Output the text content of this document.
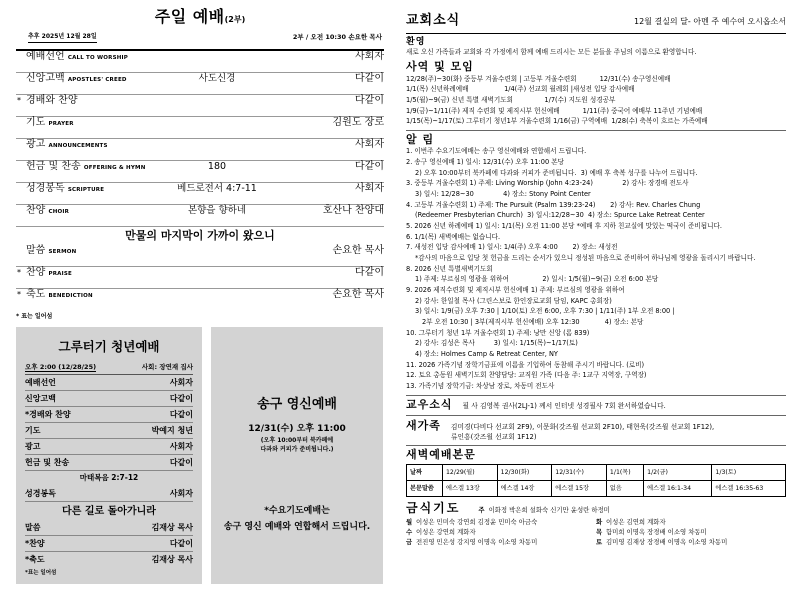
주일 예배(2부)
추후 2025년 12월 28일	2부 / 오전 10:30 손요한 목사
예배선언 CALL TO WORSHIP	사회자
신앙고백 APOSTLES' CREED	사도신경	다같이
* 경배와 찬양	다같이
기도 PRAYER	김원도 장로
광고 ANNOUNCEMENTS	사회자
헌금 및 찬송 OFFERING & HYMN	180	다같이
성경봉독 SCRIPTURE	베드로전서 4:7-11	사회자
찬양 CHOIR	본향을 향하네	호산나 찬양대
만물의 마지막이 가까이 왔으니
말씀 SERMON	손요한 목사
* 찬양 PRAISE	다같이
* 축도 BENEDICTION	손요한 목사
* 표는 일어섬
그루터기 청년예배
오후 2:00 (12/28/25)	사회: 장연재 집사
예배선언	사회자
신앙고백	다같이
*경배와 찬양	다같이
기도	박예지 청년
광고	사회자
헌금 및 찬송	다같이
마태복음 2:7-12
성경봉독	사회자
다른 길로 돌아가니라
말씀	김재상 목사
*찬양	다같이
*축도	김재상 목사
*표는 일어섬
송구 영신예배
12/31(수) 오후 11:00
(오후 10:00부터 북카페에
다과와 커피가 준비됩니다.)
*수요기도예배는
송구 영신 예배와 연합해서 드립니다.
교회소식	12월 결실의 달- 아멘 주 예수여 오시옵소서
환영
새로 오신 가족들과 교회와 각 가정에서 함께 예배 드리시는 모든 분들을 주님의 이름으로 환영합니다.
사역 및 모임
12/28(주)~30(화) 중등부 겨울수련회 | 고등부 겨울수련회           12/31(수) 송구영신예배
1/1(목) 신년하례예배                 1/4(주) 선교회 월례회 |새성전 입당 감사예배
1/5(월)~9(금) 신년 특별 새벽기도회               1/7(수) 지도원 성경공부
1/9(금)~1/11(주) 제직 수련회 및 제직시부 헌신예배           1/11(주) 중국어 예배부 11주년 기념예배
1/15(목)~1/17(토) 그루터기 청년1부 겨울수련회 1/16(금) 구역예배  1/28(수) 축복이 흐르는 가족예배
알 림
1. 이번주 수요기도예배는 송구 영신예배와 연합해서 드립니다.
2. 송구 영신예배 1) 일시: 12/31(수) 오후 11:00 본당
2) 오후 10:00부터 북카페에 다과와 커피가 준비됩니다.  3) 예배 후 축복 성구를 나누어 드립니다.
3. 중등부 겨울수련회 1) 주제: Living Worship (John 4:23-24)              2) 강사: 장경배 전도사
3) 일시: 12/28~30              4) 장소: Stony Point Center
4. 고등부 겨울수련회 1) 주제: The Pursuit (Psalm 139:23-24)       2) 강사: Rev. Charles Chung
(Redeemer Presbyterian Church)  3) 일시:12/28~30  4) 장소: Spurce Lake Retreat Center
5. 2026 신년 하례예배 1) 일시: 1/1(목) 오전 11:00 본당 *예배 후 지하 친교실에 맛있는 떡국이 준비됩니다.
6. 1/1(목) 새벽예배는 없습니다.
7. 새성전 입당 감사예배 1) 일시: 1/4(주) 오후 4:00       2) 장소: 새성전
*감사의 마음으로 입당 첫 헌금을 드리는 순서가 있으니 정성된 마음으로 준비하여 하나님께 영광을 돌리시기 바랍니다.
8. 2026 신년 특별새벽기도회
1) 주제: 부르심의 영광을 위하여                2) 일시: 1/5(월)~9(금) 오전 6:00 본당
9. 2026 제직수련회 및 제직시부 헌신예배 1) 주제: 부르심의 영광을 위하여
2) 강사: 한일철 목사 (그린스보로 한인장로교회 담임, KAPC 총회장)
3) 일시: 1/9(금) 오후 7:30 | 1/10(토) 오전 6:00, 오후 7:30 | 1/11(주) 1부 오전 8:00 |
2부 오전 10:30 | 3부(제직시부 헌신예배) 오후 12:30            4) 장소: 본당
10. 그루터기 청년 1부 겨울수련회 1) 주제: 낭만 신앙 (롬 839)
2) 강사: 김성은 목사         3) 일시: 1/15(목)~1/17(토)
4) 장소: Holmes Camp & Retreat Center, NY
11. 2026 가족기념 장학기금표에 이름을 기입하여 동참해 주시기 바랍니다. (로비)
12. 토요 총동원 새벽기도회 찬양담당: 교직원 가족 (다음 주: 1교구 지역장, 구역장)
13. 가족기념 장학기금: 차상남 장로, 차동미 전도사
교우소식 필 사 김영복 권사(2LJ-1) 께서 인터넷 성경필사 7회 완서하였습니다.
새가족 김미경(다비다 선교회 2F9), 이문화(갓즈윌 선교회 2F10), 태현욱(갓즈윌 선교회 1F12),
류인흥(갓즈윌 선교회 1F12)
새벽예배본문
날짜	12/29(월)	12/30(화)	12/31(수)	1/1(목)	1/2(금)	1/3(토)
본문말씀	에스겔 13장	에스겔 14장	에스겔 15장	없음	에스겔 16:1-34	에스겔 16:35-63
금식기도	주 이화정 박은희 설화숙 신기만 윤성란 하정미
월 이성은 민미숙 강연희 김정윤 민미숙 아금숙	화 이성은 김연희 계화자
수 이성은 강연희 계화자	목 함미희 이명옥 장경배 이소영 차동미
금 전진영 민은성 강지영 이명옥 이소영 차동미	토 김미영 김재상 장경배 이명옥 이소영 차동미
